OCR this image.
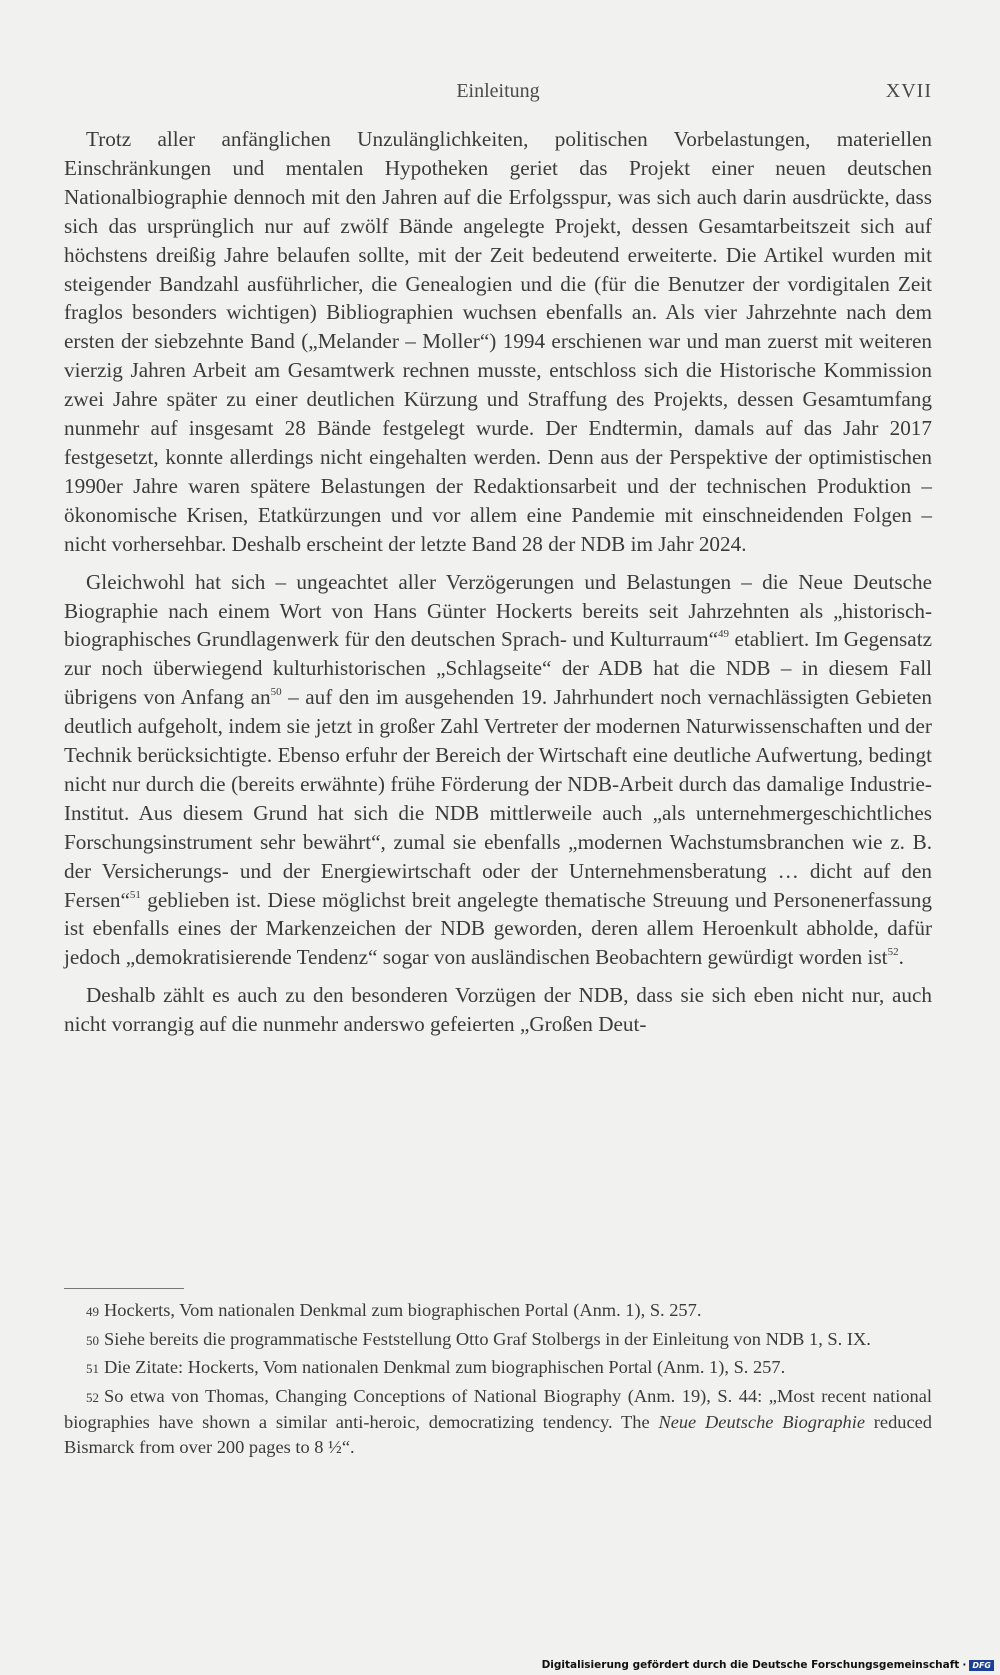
Einleitung	XVII

Trotz aller anfänglichen Unzulänglichkeiten, politischen Vorbelastungen, materiellen Einschränkungen und mentalen Hypotheken geriet das Projekt einer neuen deutschen Nationalbiographie dennoch mit den Jahren auf die Erfolgsspur, was sich auch darin ausdrückte, dass sich das ursprünglich nur auf zwölf Bände angelegte Projekt, dessen Gesamtarbeitszeit sich auf höchstens dreißig Jahre belaufen sollte, mit der Zeit bedeutend erweiterte. Die Artikel wurden mit steigender Bandzahl ausführlicher, die Genealogien und die (für die Benutzer der vordigitalen Zeit fraglos besonders wichtigen) Bibliographien wuchsen ebenfalls an. Als vier Jahrzehnte nach dem ersten der siebzehnte Band („Melander – Moller“) 1994 erschienen war und man zuerst mit weiteren vierzig Jahren Arbeit am Gesamtwerk rechnen musste, entschloss sich die Historische Kommission zwei Jahre später zu einer deutlichen Kürzung und Straffung des Projekts, dessen Gesamtumfang nunmehr auf insgesamt 28 Bände festgelegt wurde. Der Endtermin, damals auf das Jahr 2017 festgesetzt, konnte allerdings nicht eingehalten werden. Denn aus der Perspektive der optimistischen 1990er Jahre waren spätere Belastungen der Redaktionsarbeit und der technischen Produktion – ökonomische Krisen, Etatkürzungen und vor allem eine Pandemie mit einschneidenden Folgen – nicht vorhersehbar. Deshalb erscheint der letzte Band 28 der NDB im Jahr 2024.

Gleichwohl hat sich – ungeachtet aller Verzögerungen und Belastungen – die Neue Deutsche Biographie nach einem Wort von Hans Günter Hockerts bereits seit Jahrzehnten als „historisch-biographisches Grundlagenwerk für den deutschen Sprach- und Kulturraum“$^{49}$ etabliert. Im Gegensatz zur noch überwiegend kulturhistorischen „Schlagseite“ der ADB hat die NDB – in diesem Fall übrigens von Anfang $an^{50}$ – auf den im ausgehenden 19. Jahrhundert noch vernachlässigten Gebieten deutlich aufgeholt, indem sie jetzt in großer Zahl Vertreter der modernen Naturwissenschaften und der Technik berücksichtigte. Ebenso erfuhr der Bereich der Wirtschaft eine deutliche Aufwertung, bedingt nicht nur durch die (bereits erwähnte) frühe Förderung der NDB-Arbeit durch das damalige Industrie-Institut. Aus diesem Grund hat sich die NDB mittlerweile auch „als unternehmergeschichtliches Forschungsinstrument sehr bewährt“, zumal sie ebenfalls „modernen Wachstumsbranchen wie z. B. der Versicherungs- und der Energiewirtschaft oder der Unternehmensberatung … dicht auf den Fersen“$^{51}$ geblieben ist. Diese möglichst breit angelegte thematische Streuung und Personenerfassung ist ebenfalls eines der Markenzeichen der NDB geworden, deren allem Heroenkult abholde, dafür jedoch „demokratisierende Tendenz“ sogar von ausländischen Beobachtern gewürdigt worden ist$^{52}$.

Deshalb zählt es auch zu den besonderen Vorzügen der NDB, dass sie sich eben nicht nur, auch nicht vorrangig auf die nunmehr anderswo gefeierten „Großen Deut-

49 Hockerts, Vom nationalen Denkmal zum biographischen Portal (Anm. 1), S. 257.

50 Siehe bereits die programmatische Feststellung Otto Graf Stolbergs in der Einleitung von NDB 1, S. IX.

51 Die Zitate: Hockerts, Vom nationalen Denkmal zum biographischen Portal (Anm. 1), S. 257.

52 So etwa von Thomas, Changing Conceptions of National Biography (Anm. 19), S. 44: „Most recent national biographies have shown a similar anti-heroic, democratizing tendency. The Neue Deutsche Biographie reduced Bismarck from over 200 pages to 8 ½“.

Digitalisierung gefördert durch die Deutsche Forschungsgemeinschaft · DFG
